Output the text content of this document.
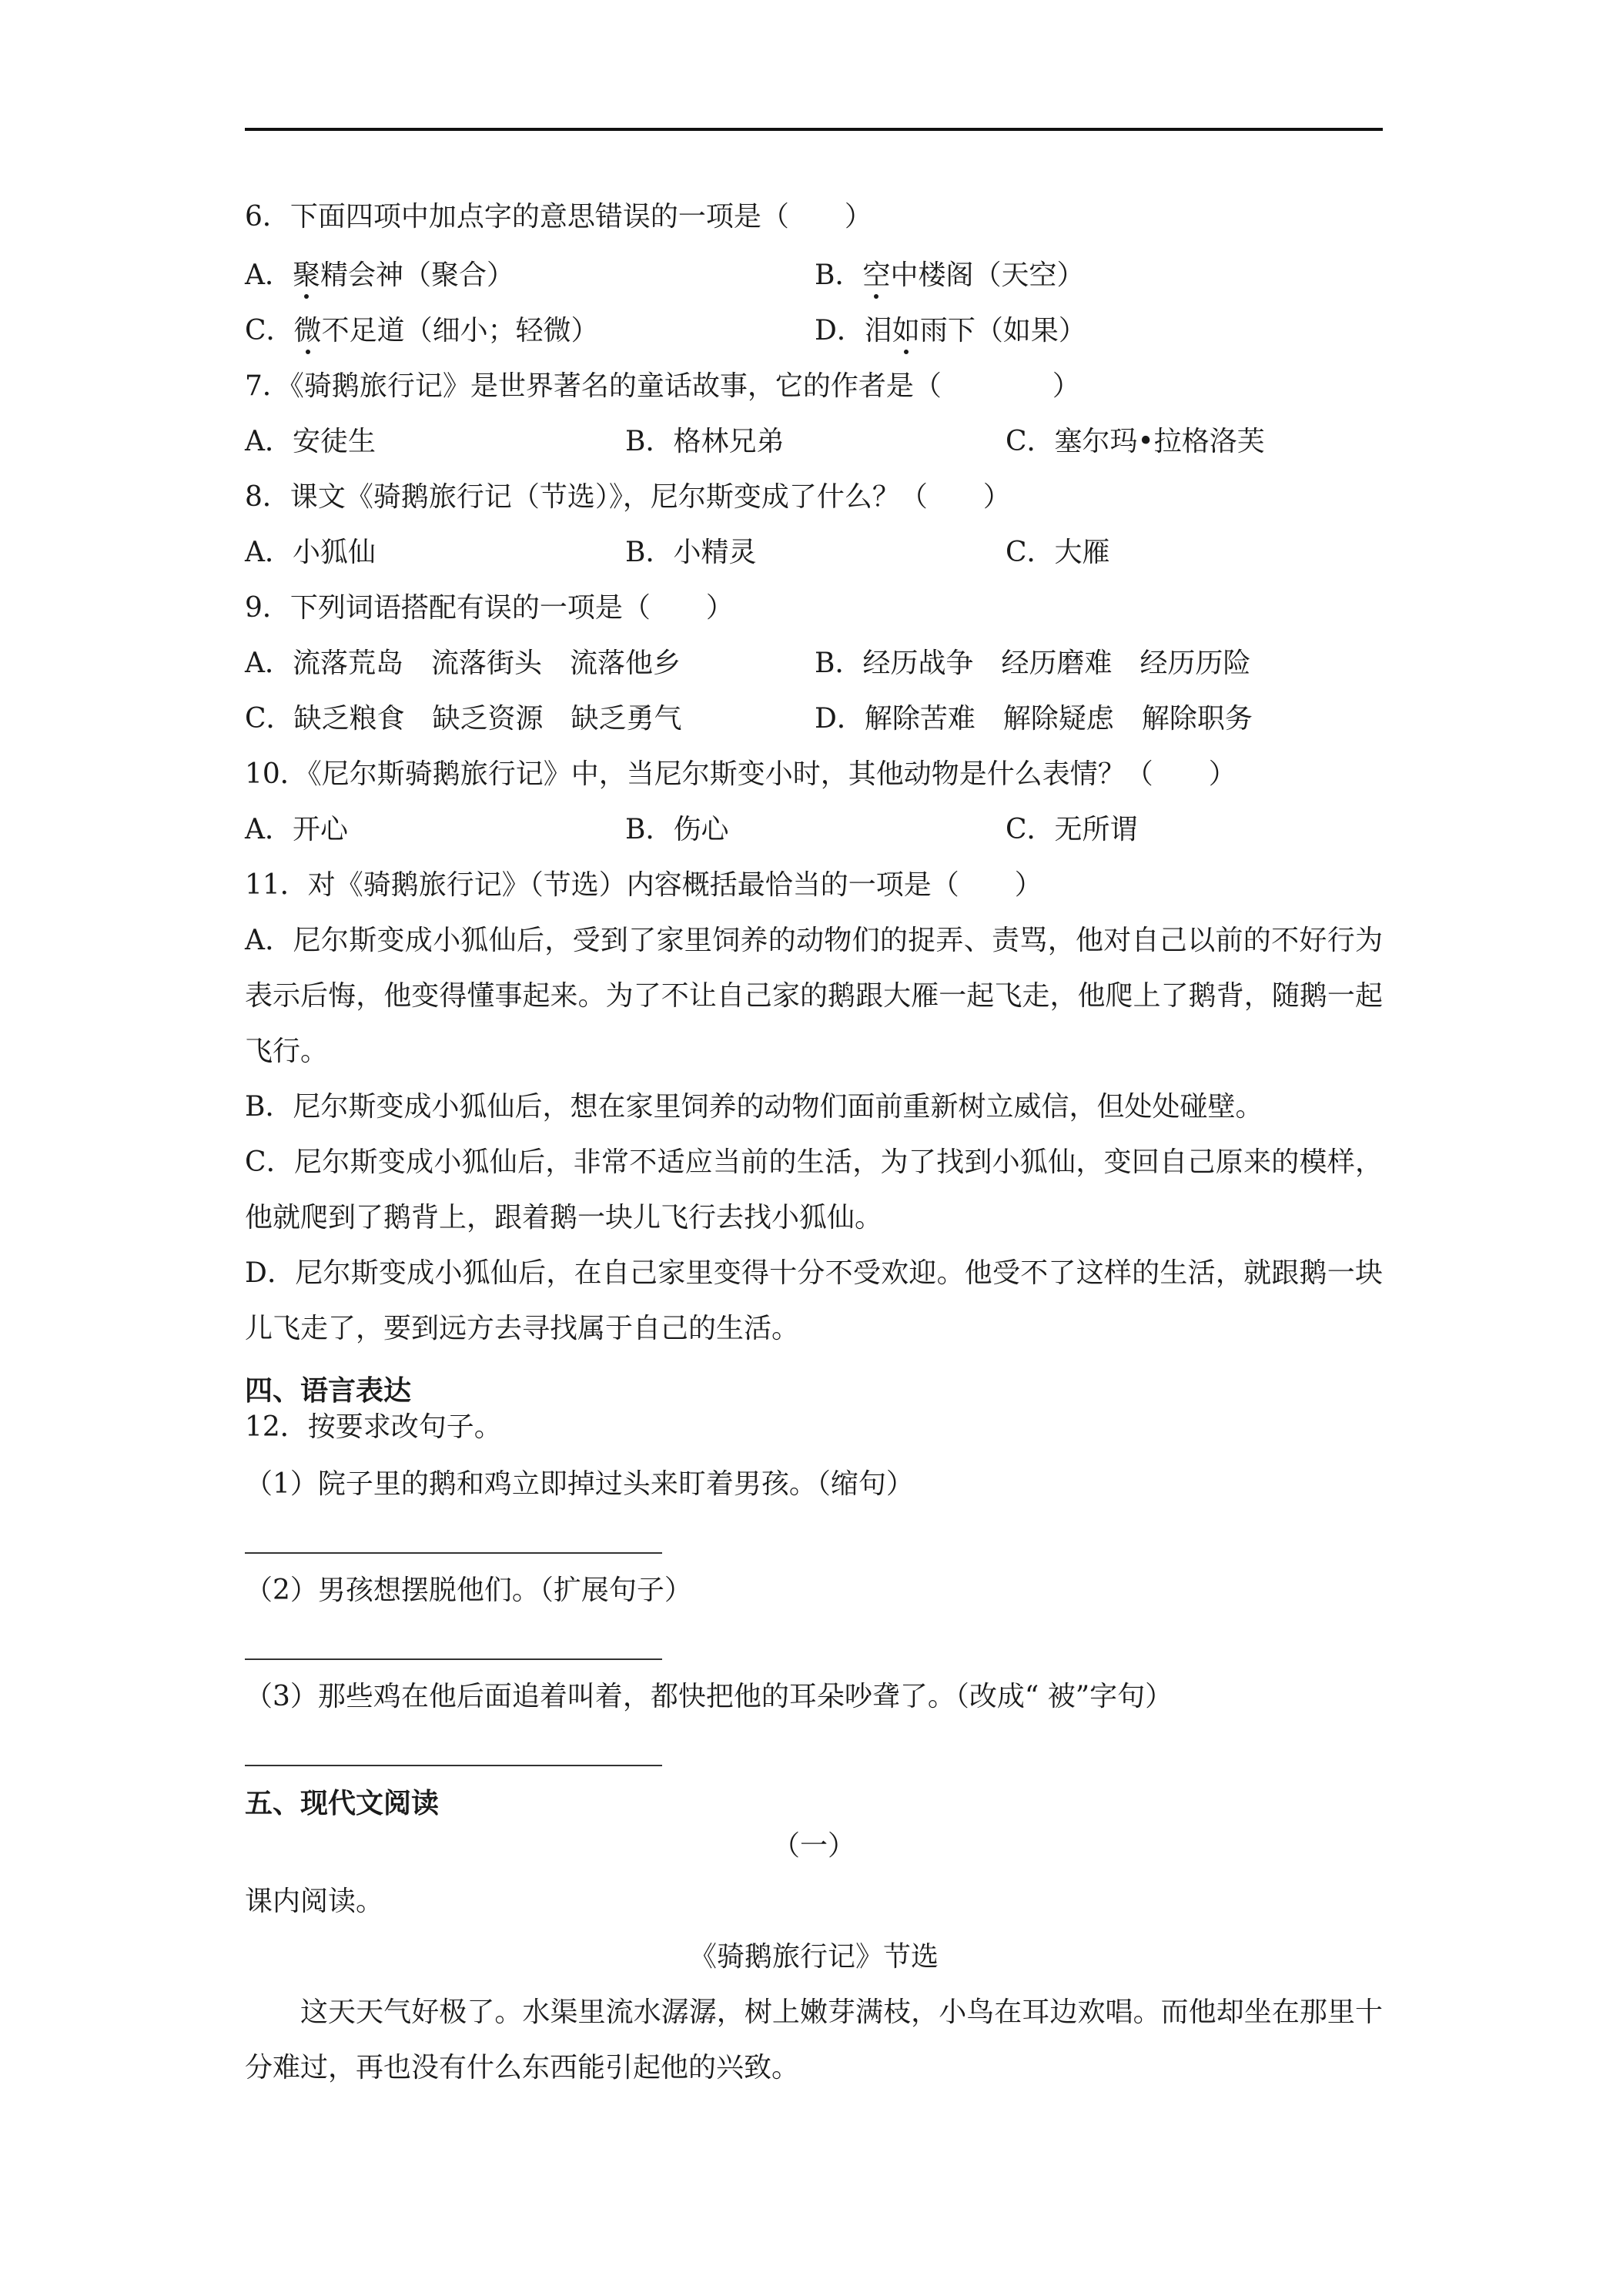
6．下面四项中加点字的意思错误的一项是（　　）
A．聚精会神（聚合）	B．空中楼阁（天空）
C．微不足道（细小；轻微）	D．泪如雨下（如果）
7．《骑鹅旅行记》是世界著名的童话故事，它的作者是（　　　　）
A．安徒生	B．格林兄弟	C．塞尔玛•拉格洛芙
8．课文《骑鹅旅行记（节选）》，尼尔斯变成了什么？（　　）
A．小狐仙	B．小精灵	C．大雁
9．下列词语搭配有误的一项是（　　）
A．流落荒岛　流落街头　流落他乡	B．经历战争　经历磨难　经历历险
C．缺乏粮食　缺乏资源　缺乏勇气	D．解除苦难　解除疑虑　解除职务
10．《尼尔斯骑鹅旅行记》中，当尼尔斯变小时，其他动物是什么表情？（　　）
A．开心	B．伤心	C．无所谓
11．对《骑鹅旅行记》（节选）内容概括最恰当的一项是（　　）
A．尼尔斯变成小狐仙后，受到了家里饲养的动物们的捉弄、责骂，他对自己以前的不好行为表示后悔，他变得懂事起来。为了不让自己家的鹅跟大雁一起飞走，他爬上了鹅背，随鹅一起飞行。
B．尼尔斯变成小狐仙后，想在家里饲养的动物们面前重新树立威信，但处处碰壁。
C．尼尔斯变成小狐仙后，非常不适应当前的生活，为了找到小狐仙，变回自己原来的模样，他就爬到了鹅背上，跟着鹅一块儿飞行去找小狐仙。
D．尼尔斯变成小狐仙后，在自己家里变得十分不受欢迎。他受不了这样的生活，就跟鹅一块儿飞走了，要到远方去寻找属于自己的生活。
四、语言表达
12．按要求改句子。
（1）院子里的鹅和鸡立即掉过头来盯着男孩。（缩句）
（2）男孩想摆脱他们。（扩展句子）
（3）那些鸡在他后面追着叫着，都快把他的耳朵吵聋了。（改成“ 被”字句）
五、现代文阅读
（一）
课内阅读。
《骑鹅旅行记》节选
这天天气好极了。水渠里流水潺潺，树上嫩芽满枝，小鸟在耳边欢唱。而他却坐在那里十分难过，再也没有什么东西能引起他的兴致。
